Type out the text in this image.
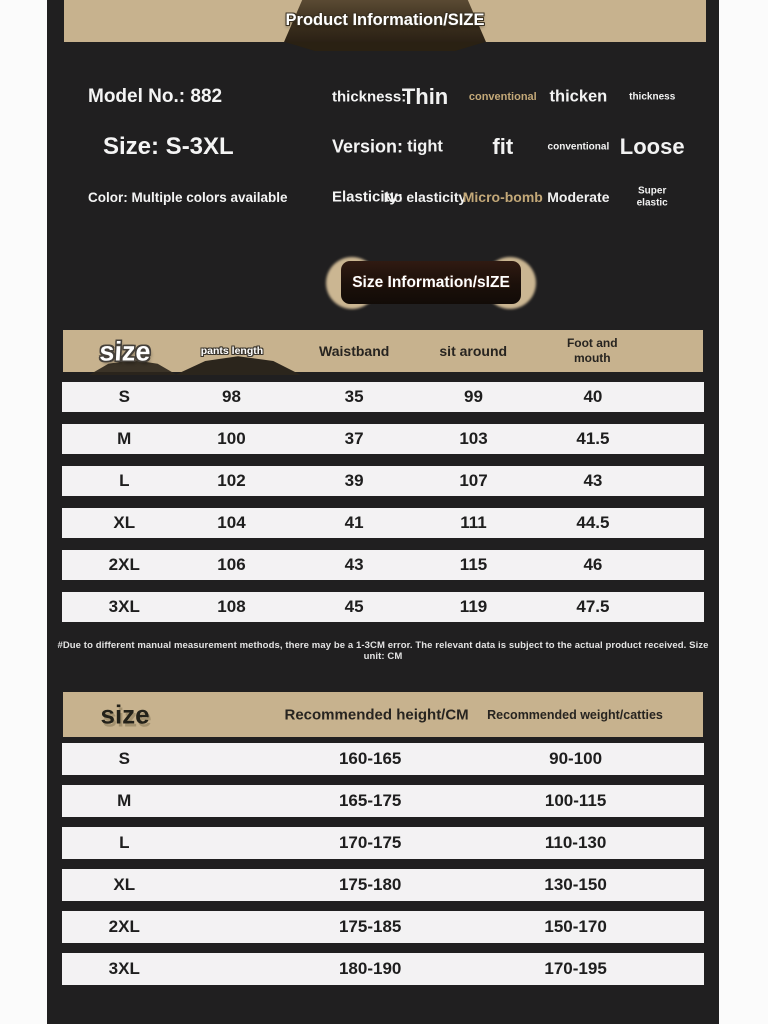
Product Information/SIZE
Model No.: 882
Size: S-3XL
Color: Multiple colors available
thickness:
Thin conventional thicken thickness
Version: tight fit	conventional Loose
Elasticity:
No elasticity
Micro-bomb Moderate	Super elastic
Size Information/sIZE
size	pants length	Waistband	sit around	Foot and mouth
S	98	35	99	40
M	100	37	103	41.5
L	102	39	107	43
XL	104	41	111	44.5
2XL	106	43	115	46
3XL	108	45	119	47.5

#Due to different manual measurement methods, there may be a 1-3CM error. The relevant data is subject to the actual product received. Size unit: CM

size	Recommended height/CM Recommended weight/catties
S	160-165	90-100
M	165-175	100-115
L	170-175	110-130
XL	175-180	130-150
2XL	175-185	150-170
3XL	180-190	170-195
